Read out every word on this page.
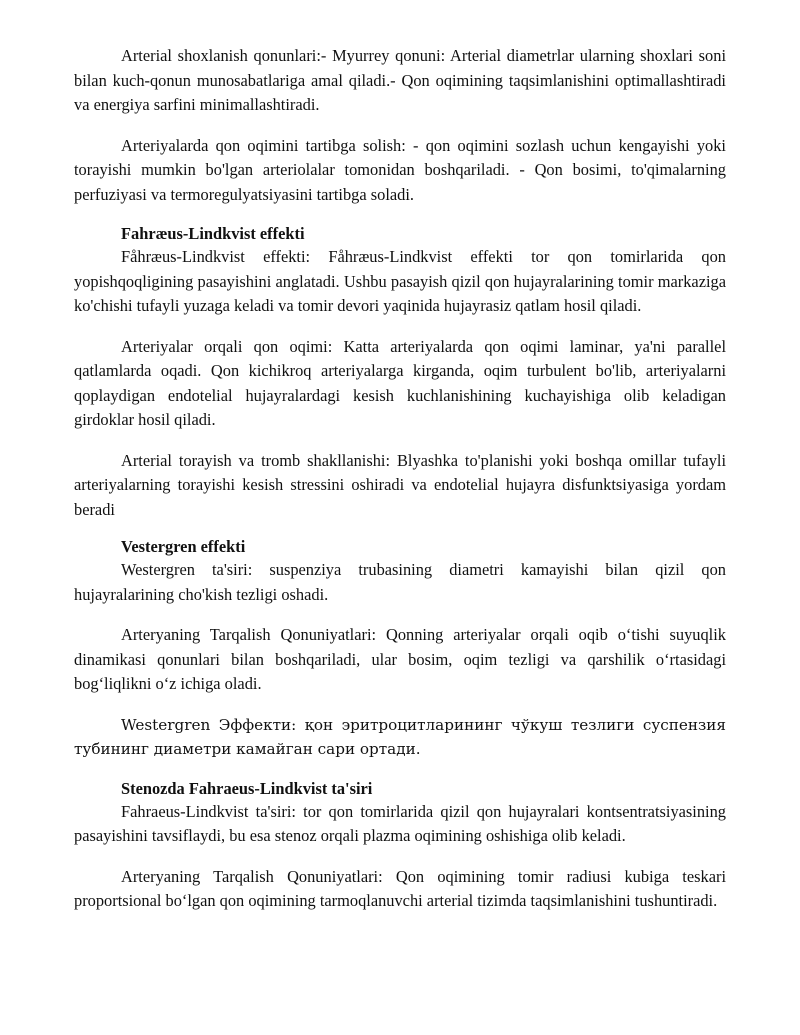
Arterial shoxlanish qonunlari:- Myurrey qonuni: Arterial diametrlar ularning shoxlari soni bilan kuch-qonun munosabatlariga amal qiladi.- Qon oqimining taqsimlanishini optimallashtiradi va energiya sarfini minimallashtiradi.

Arteriyalarda qon oqimini tartibga solish: - qon oqimini sozlash uchun kengayishi yoki torayishi mumkin bo'lgan arteriolalar tomonidan boshqariladi. - Qon bosimi, to'qimalarning perfuziyasi va termoregulyatsiyasini tartibga soladi.

Fahræus-Lindkvist effekti

Fåhræus-Lindkvist effekti: Fåhræus-Lindkvist effekti tor qon tomirlarida qon yopishqoqligining pasayishini anglatadi. Ushbu pasayish qizil qon hujayralarining tomir markaziga ko'chishi tufayli yuzaga keladi va tomir devori yaqinida hujayrasiz qatlam hosil qiladi.

Arteriyalar orqali qon oqimi: Katta arteriyalarda qon oqimi laminar, ya'ni parallel qatlamlarda oqadi. Qon kichikroq arteriyalarga kirganda, oqim turbulent bo'lib, arteriyalarni qoplaydigan endotelial hujayralardagi kesish kuchlanishining kuchayishiga olib keladigan girdoklar hosil qiladi.

Arterial torayish va tromb shakllanishi: Blyashka to'planishi yoki boshqa omillar tufayli arteriyalarning torayishi kesish stressini oshiradi va endotelial hujayra disfunktsiyasiga yordam beradi

Vestergren effekti

Westergren ta'siri: suspenziya trubasining diametri kamayishi bilan qizil qon hujayralarining cho'kish tezligi oshadi.

Arteryaning Tarqalish Qonuniyatlari: Qonning arteriyalar orqali oqib oʻtishi suyuqlik dinamikasi qonunlari bilan boshqariladi, ular bosim, oqim tezligi va qarshilik oʻrtasidagi bogʻliqlikni oʻz ichiga oladi.

Westergren Эффекти: қон эритроцитларининг чўкуш тезлиги суспензия тубининг диаметри камайган сари ортади.

Stenozda Fahraeus-Lindkvist ta'siri

Fahraeus-Lindkvist ta'siri: tor qon tomirlarida qizil qon hujayralari kontsentratsiyasining pasayishini tavsiflaydi, bu esa stenoz orqali plazma oqimining oshishiga olib keladi.

Arteryaning Tarqalish Qonuniyatlari: Qon oqimining tomir radiusi kubiga teskari proportsional boʻlgan qon oqimining tarmoqlanuvchi arterial tizimda taqsimlanishini tushuntiradi.
